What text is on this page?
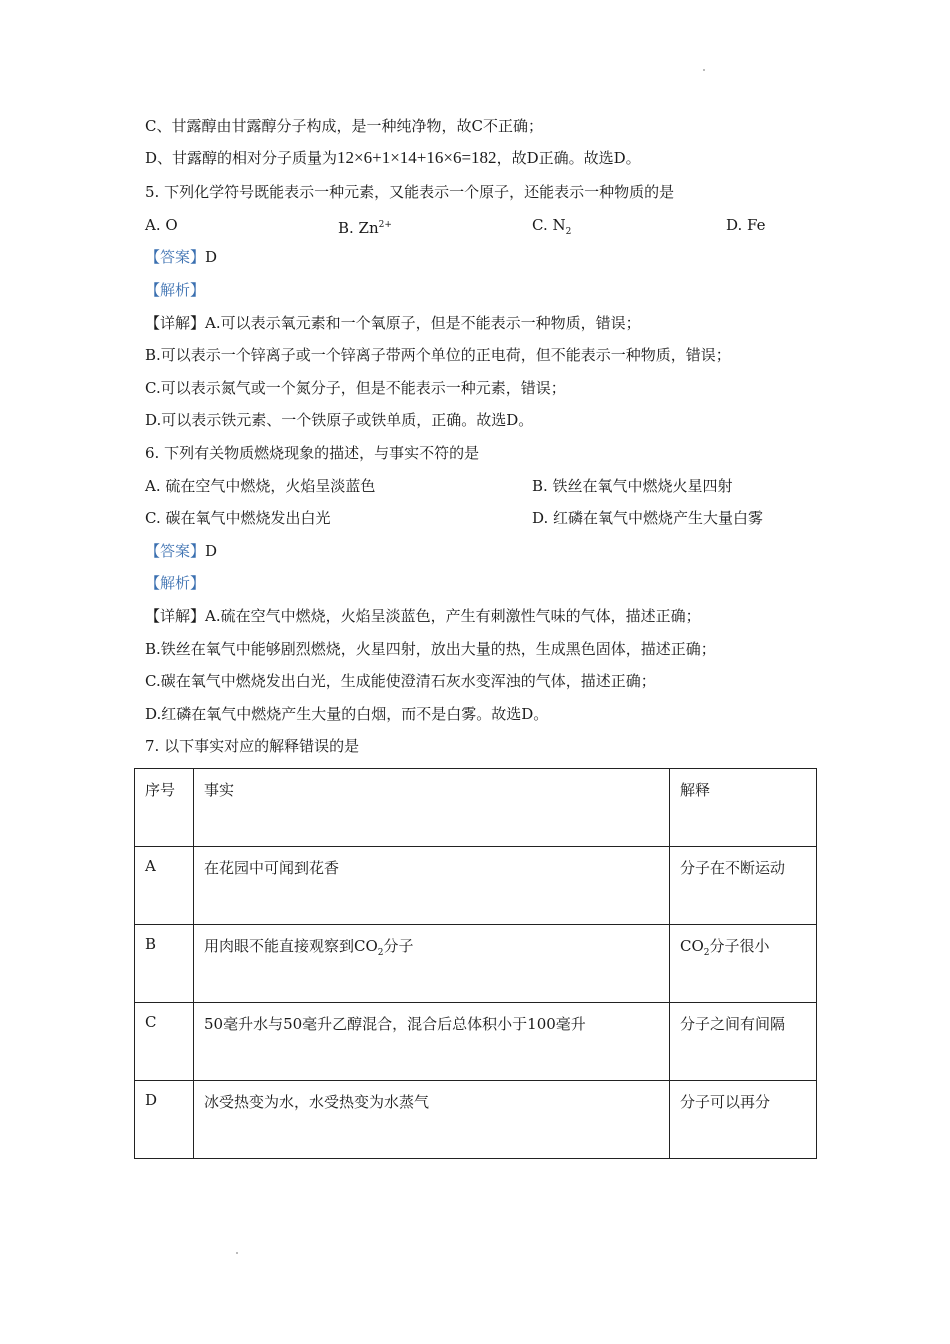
C、甘露醇由甘露醇分子构成，是一种纯净物，故C不正确；
D、甘露醇的相对分子质量为12×6+1×14+16×6=182，故D正确。故选D。
5. 下列化学符号既能表示一种元素，又能表示一个原子，还能表示一种物质的是
A. O	B. $Zn^{2+}$	C. $N_2$	D. Fe
【答案】D
【解析】
【详解】A.可以表示氧元素和一个氧原子，但是不能表示一种物质，错误；
B.可以表示一个锌离子或一个锌离子带两个单位的正电荷，但不能表示一种物质，错误；
C.可以表示氮气或一个氮分子，但是不能表示一种元素，错误；
D.可以表示铁元素、一个铁原子或铁单质，正确。故选D。
6. 下列有关物质燃烧现象的描述，与事实不符的是
A. 硫在空气中燃烧，火焰呈淡蓝色	B. 铁丝在氧气中燃烧火星四射
C. 碳在氧气中燃烧发出白光	D. 红磷在氧气中燃烧产生大量白雾
【答案】D
【解析】
【详解】A.硫在空气中燃烧，火焰呈淡蓝色，产生有刺激性气味的气体，描述正确；
B.铁丝在氧气中能够剧烈燃烧，火星四射，放出大量的热，生成黑色固体，描述正确；
C.碳在氧气中燃烧发出白光，生成能使澄清石灰水变浑浊的气体，描述正确；
D.红磷在氧气中燃烧产生大量的白烟，而不是白雾。故选D。
7. 以下事实对应的解释错误的是
序号	事实	解释
A	在花园中可闻到花香	分子在不断运动
B	用肉眼不能直接观察到$CO_2$分子	$CO_2$分子很小
C	50毫升水与50毫升乙醇混合，混合后总体积小于100毫升	分子之间有间隔
D	冰受热变为水，水受热变为水蒸气	分子可以再分
